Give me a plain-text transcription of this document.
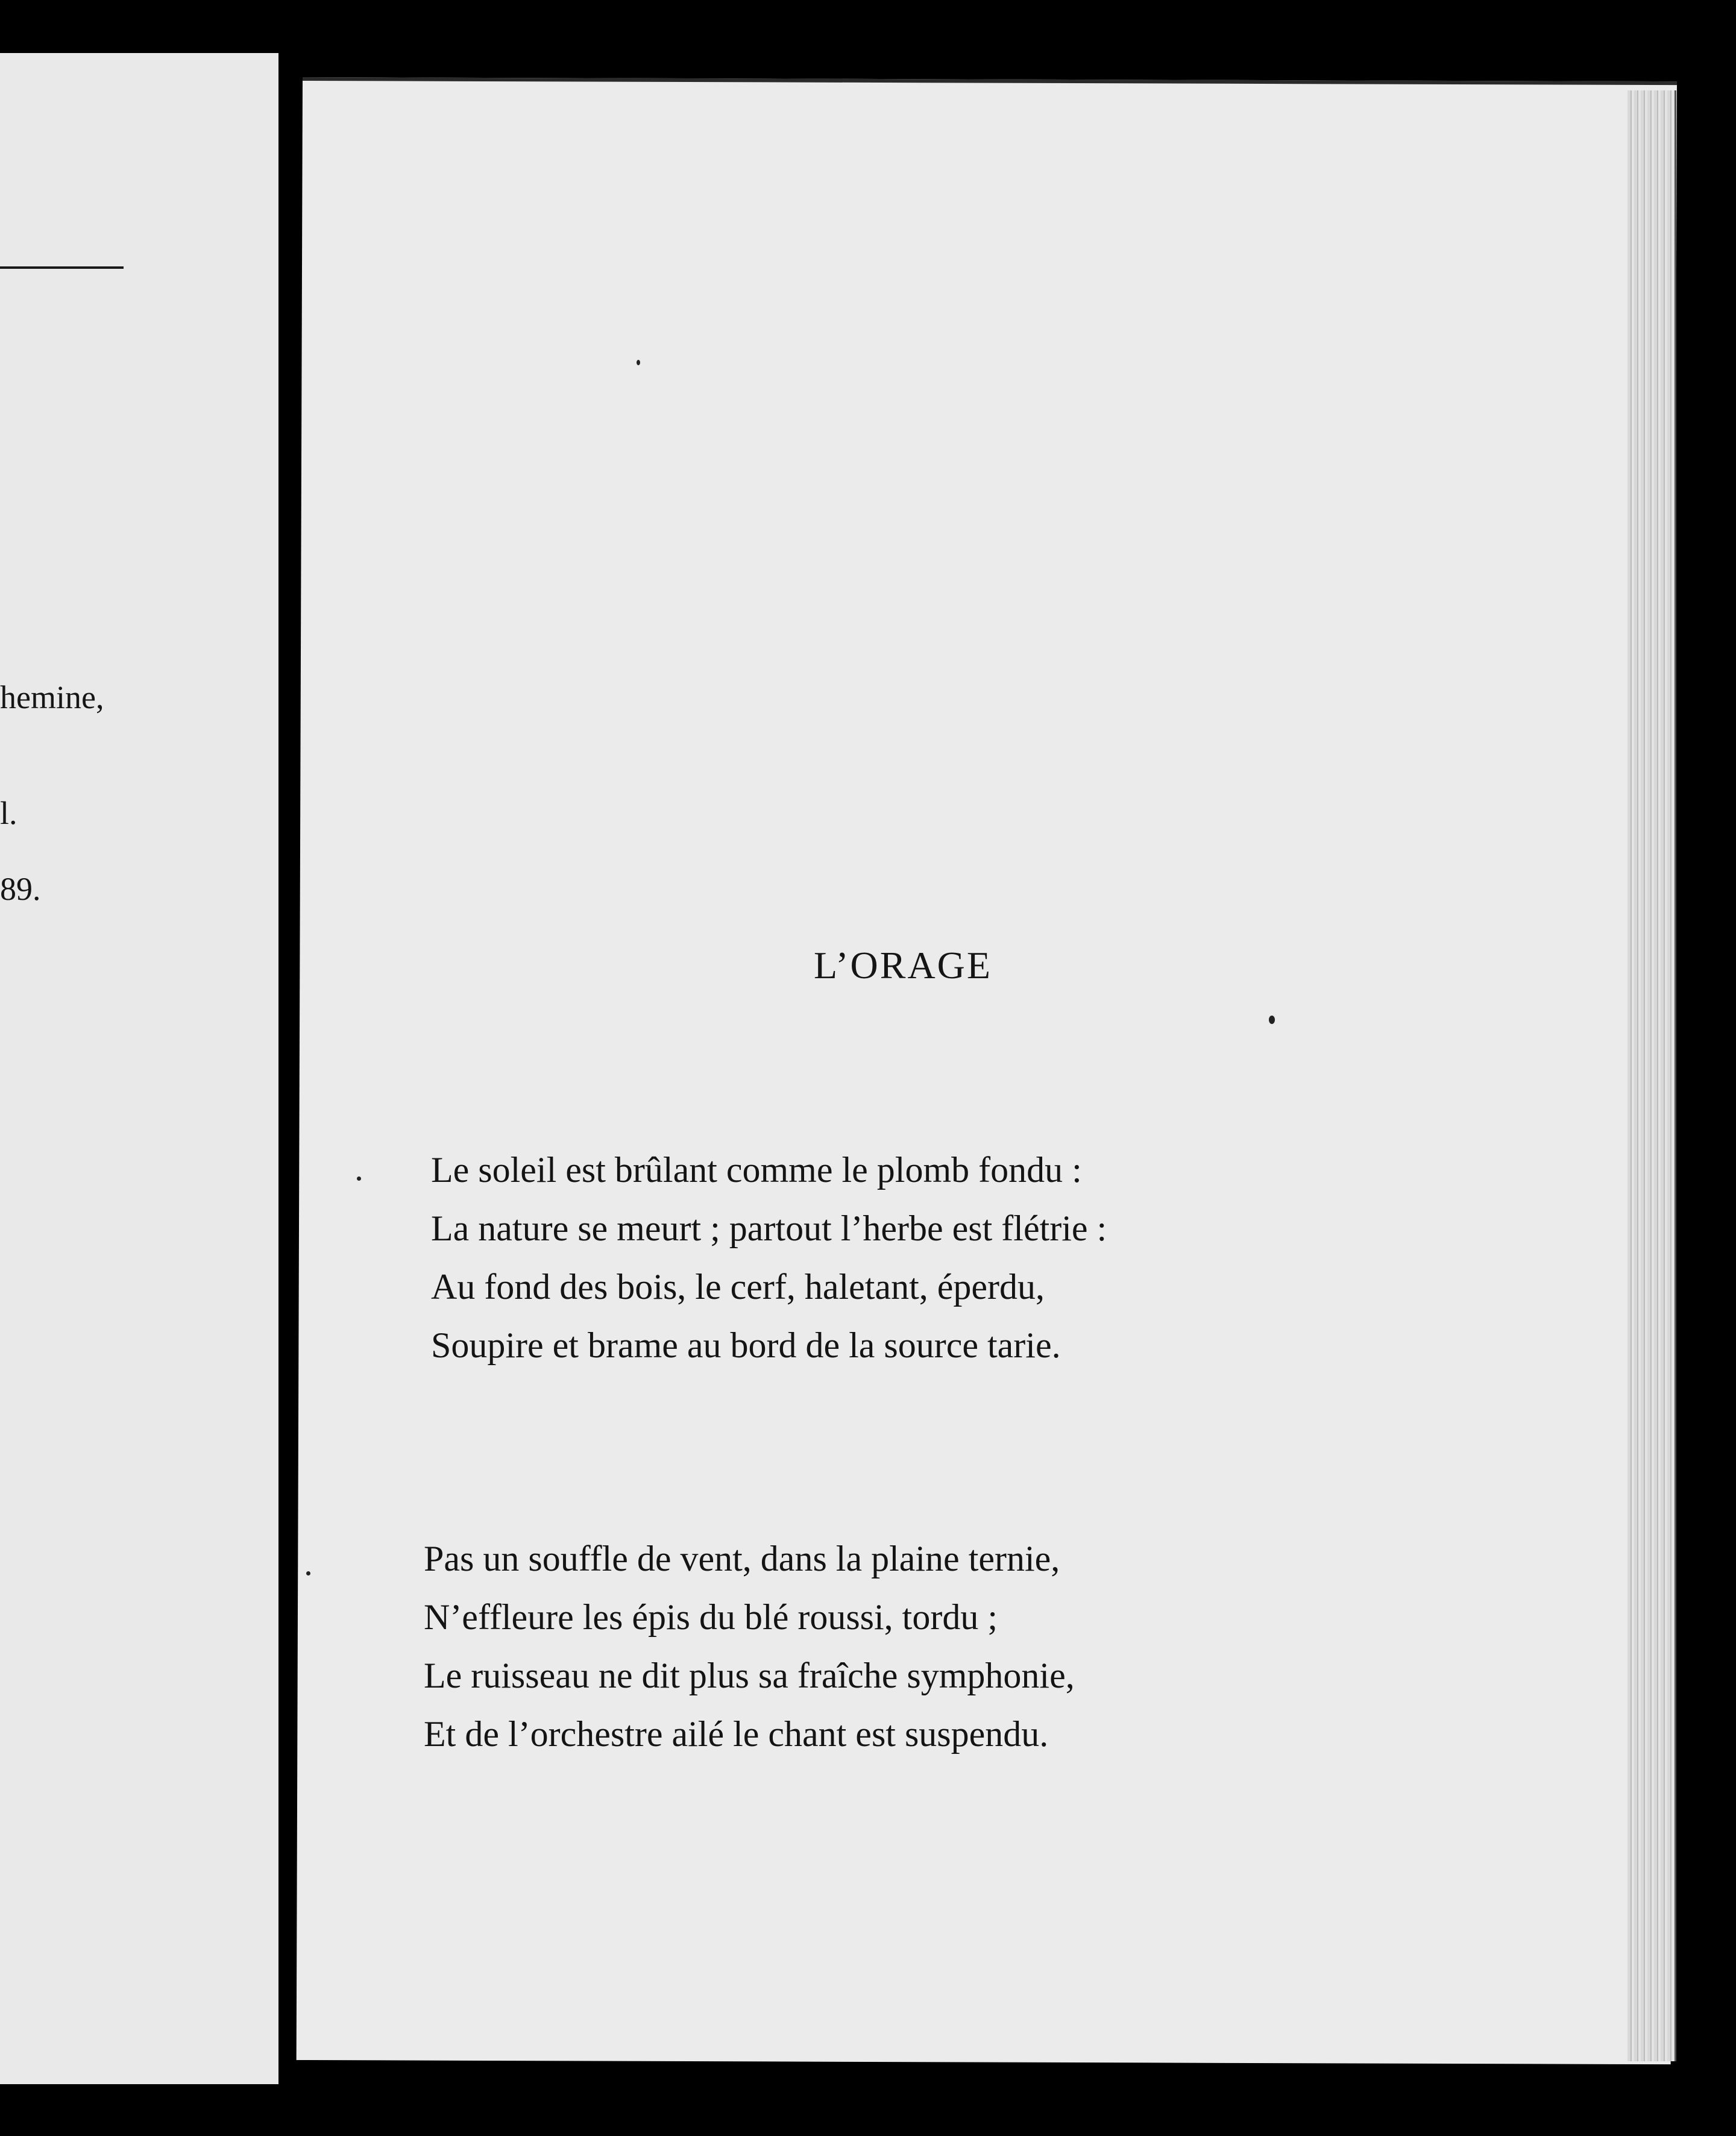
hemine,
l.
89.
L’ORAGE
Le soleil est brûlant comme le plomb fondu :
La nature se meurt ; partout l’herbe est flétrie :
Au fond des bois, le cerf, haletant, éperdu,
Soupire et brame au bord de la source tarie.
Pas un souffle de vent, dans la plaine ternie,
N’effleure les épis du blé roussi, tordu ;
Le ruisseau ne dit plus sa fraîche symphonie,
Et de l’orchestre ailé le chant est suspendu.
